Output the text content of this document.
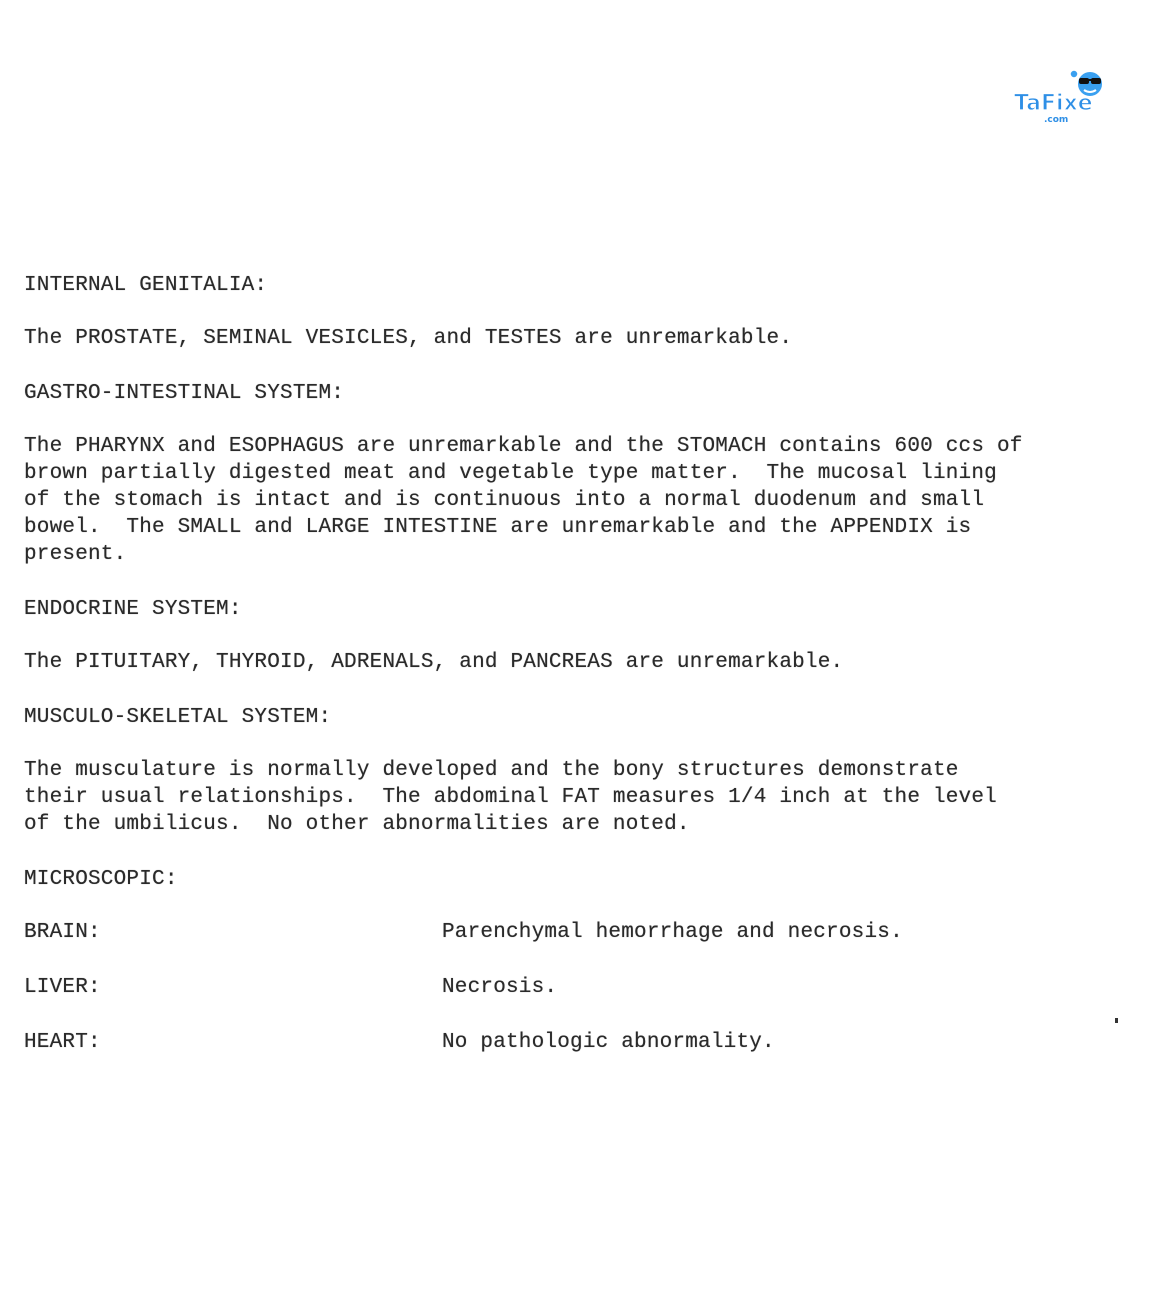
TaFixe
.com

INTERNAL GENITALIA:

The PROSTATE, SEMINAL VESICLES, and TESTES are unremarkable.

GASTRO-INTESTINAL SYSTEM:

The PHARYNX and ESOPHAGUS are unremarkable and the STOMACH contains 600 ccs of

brown partially digested meat and vegetable type matter.  The mucosal lining

of the stomach is intact and is continuous into a normal duodenum and small

bowel.  The SMALL and LARGE INTESTINE are unremarkable and the APPENDIX is

present.

ENDOCRINE SYSTEM:

The PITUITARY, THYROID, ADRENALS, and PANCREAS are unremarkable.

MUSCULO-SKELETAL SYSTEM:

The musculature is normally developed and the bony structures demonstrate

their usual relationships.  The abdominal FAT measures 1/4 inch at the level

of the umbilicus.  No other abnormalities are noted.

MICROSCOPIC:

BRAIN:

	Parenchymal hemorrhage and necrosis.

LIVER:

	Necrosis.

HEART:

	No pathologic abnormality.
